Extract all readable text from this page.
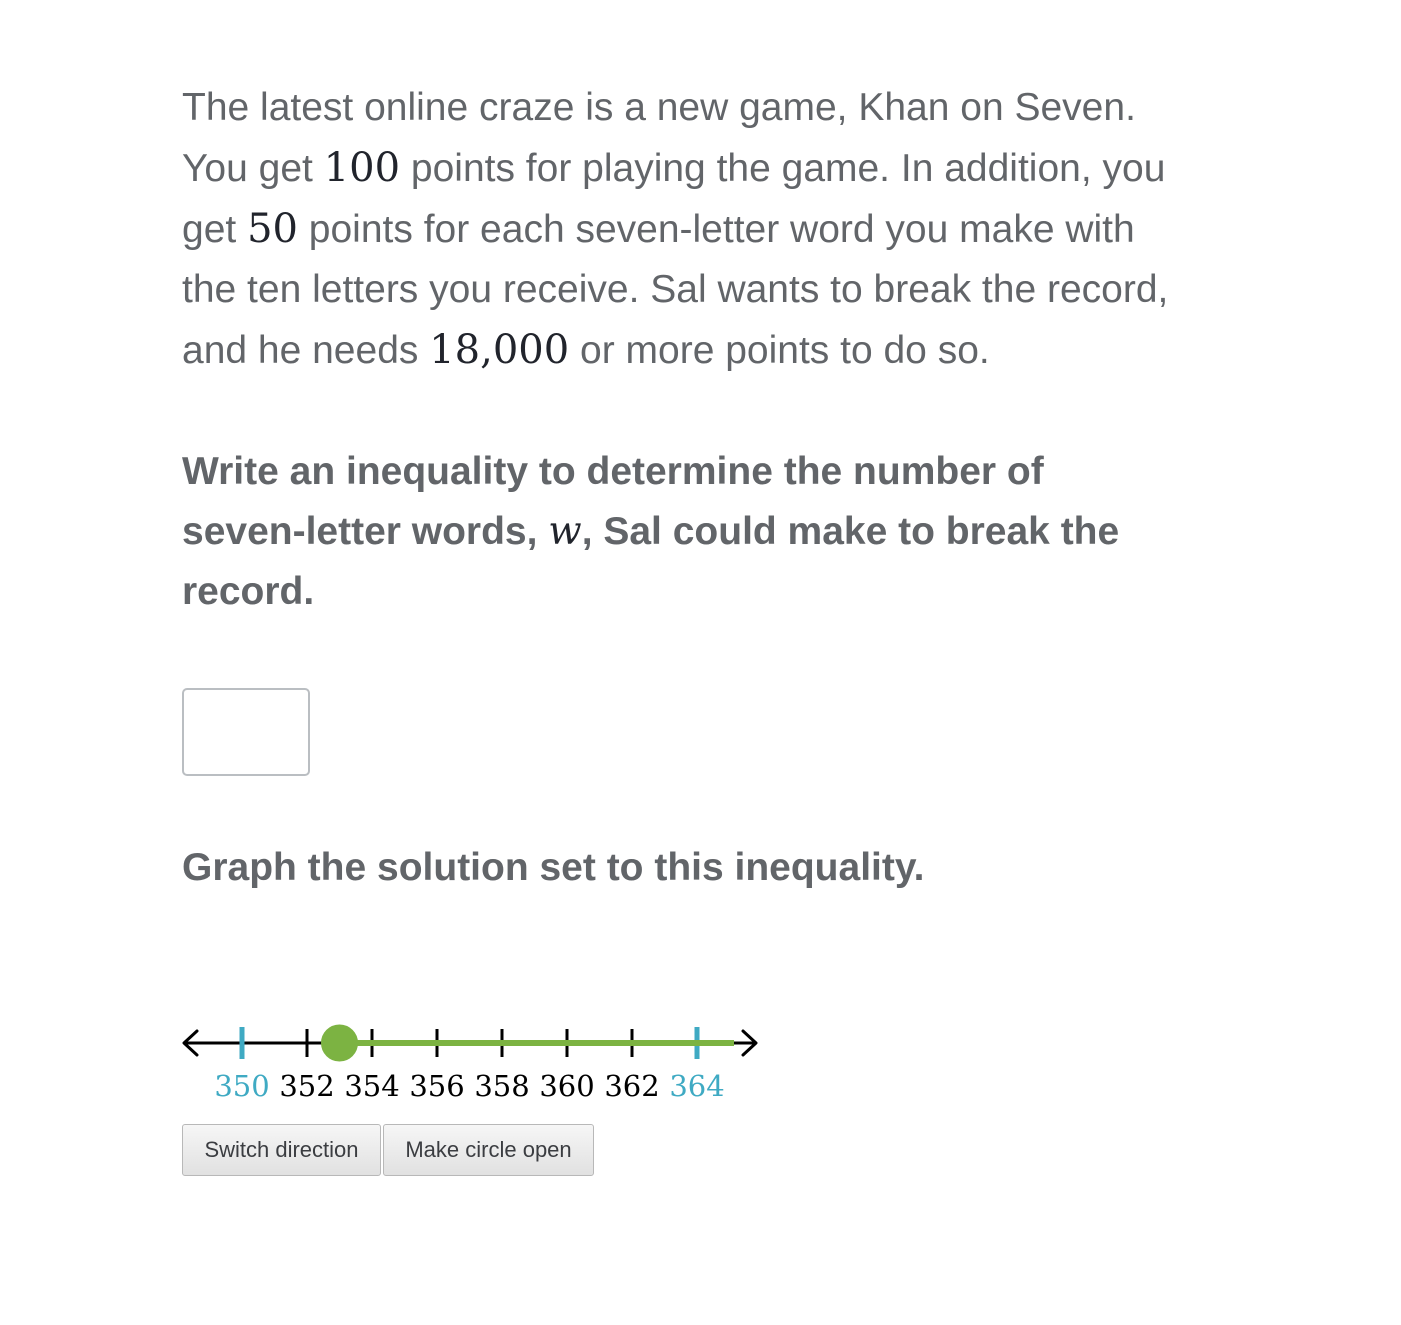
The latest online craze is a new game, Khan on Seven.
You get 100 points for playing the game. In addition, you
get 50 points for each seven-letter word you make with
the ten letters you receive. Sal wants to break the record,
and he needs 18,000 or more points to do so.

Write an inequality to determine the number of
seven-letter words, w, Sal could make to break the
record.

Graph the solution set to this inequality.

350 352 354 356 358 360 362 364
Switch direction	Make circle open
